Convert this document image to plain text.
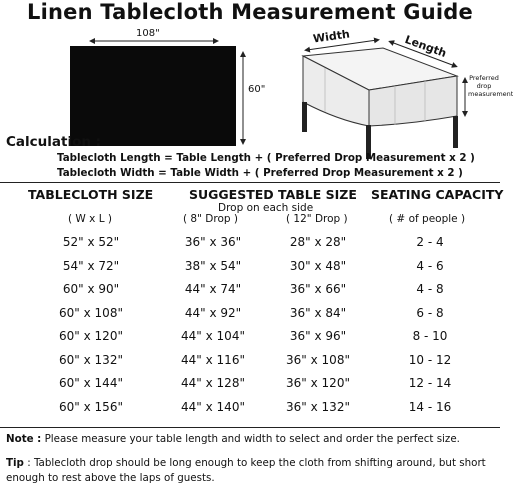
Linen Tablecloth Measurement Guide
108"
60"
Width	Length
Preferred
drop
measurement
Calculation :
Tablecloth Length = Table Length + ( Preferred Drop Measurement x 2 )
Tablecloth Width = Table Width + ( Preferred Drop Measurement x 2 )
TABLECLOTH SIZE	SUGGESTED TABLE SIZE SEATING CAPACITY
Drop on each side
( W x L )	( 8" Drop )	( 12" Drop )	( # of people )
52" x 52"	36" x 36"	28" x 28"	2 - 4
54" x 72"	38" x 54"	30" x 48"	4 - 6
60" x 90"	44" x 74"	36" x 66"	4 - 8
60" x 108"	44" x 92"	36" x 84"	6 - 8
60" x 120"	44" x 104"	36" x 96"	8 - 10
60" x 132"	44" x 116"	36" x 108"	10 - 12
60" x 144"	44" x 128"	36" x 120"	12 - 14
60" x 156"	44" x 140"	36" x 132"	14 - 16
Note : Please measure your table length and width to select and order the perfect size.
Tip : Tablecloth drop should be long enough to keep the cloth from shifting around, but short enough to rest above the laps of guests.
